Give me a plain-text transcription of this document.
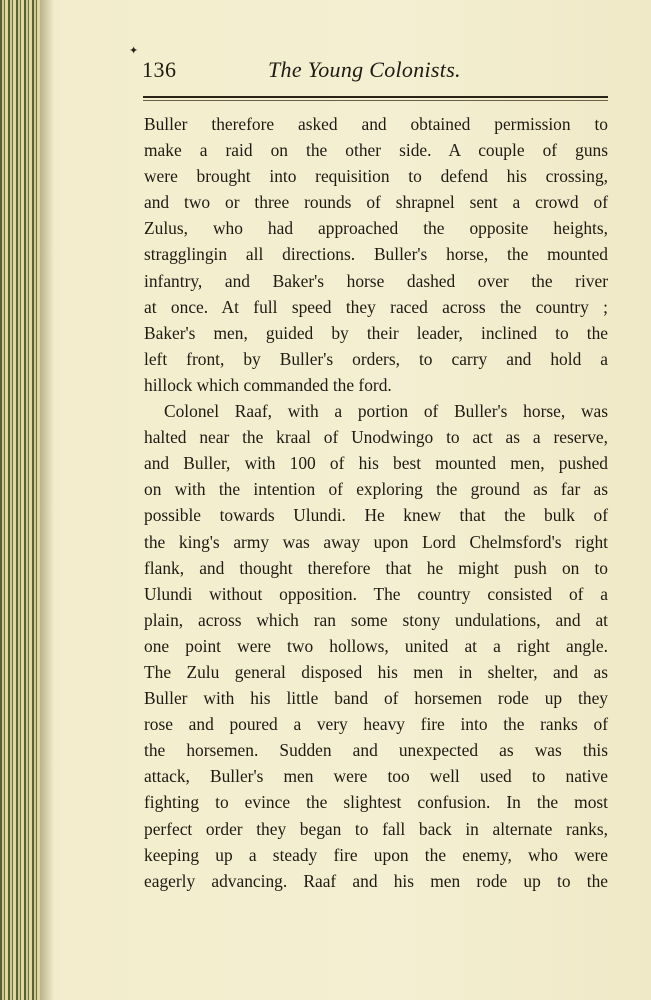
✦
136	The Young Colonists.
Buller therefore asked and obtained permission to
make a raid on the other side. A couple of guns
were brought into requisition to defend his crossing,
and two or three rounds of shrapnel sent a crowd of
Zulus, who had approached the opposite heights,
stragglingin all directions. Buller's horse, the mounted
infantry, and Baker's horse dashed over the river
at once. At full speed they raced across the country ;
Baker's men, guided by their leader, inclined to the
left front, by Buller's orders, to carry and hold a
hillock which commanded the ford.
Colonel Raaf, with a portion of Buller's horse, was
halted near the kraal of Unodwingo to act as a reserve,
and Buller, with 100 of his best mounted men, pushed
on with the intention of exploring the ground as far as
possible towards Ulundi. He knew that the bulk of
the king's army was away upon Lord Chelmsford's right
flank, and thought therefore that he might push on to
Ulundi without opposition. The country consisted of a
plain, across which ran some stony undulations, and at
one point were two hollows, united at a right angle.
The Zulu general disposed his men in shelter, and as
Buller with his little band of horsemen rode up they
rose and poured a very heavy fire into the ranks of
the horsemen. Sudden and unexpected as was this
attack, Buller's men were too well used to native
fighting to evince the slightest confusion. In the most
perfect order they began to fall back in alternate ranks,
keeping up a steady fire upon the enemy, who were
eagerly advancing. Raaf and his men rode up to the
